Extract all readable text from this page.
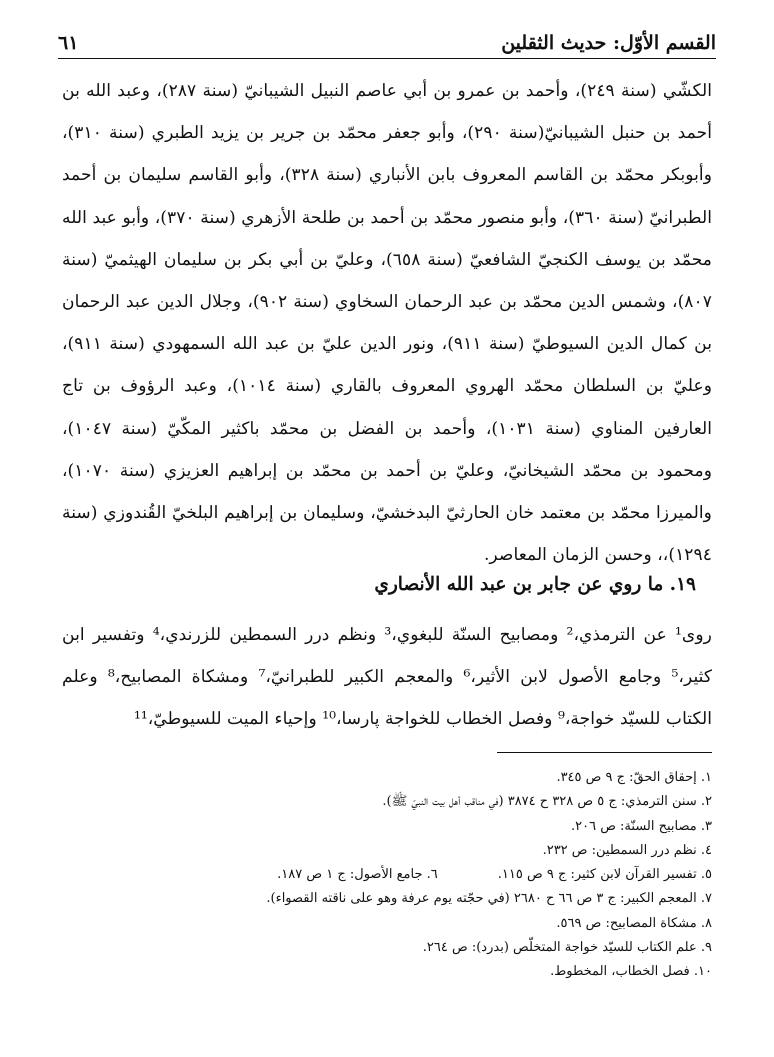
القسم الأوّل: حديث الثقلين
٦١

الكشّي (سنة ٢٤٩)، وأحمد بن عمرو بن أبي عاصم النبيل الشيبانيّ (سنة ٢٨٧)، وعبد الله بن أحمد بن حنبل الشيبانيّ(سنة ٢٩٠)، وأبو جعفر محمّد بن جرير بن يزيد الطبري (سنة ٣١٠)، وأبوبكر محمّد بن القاسم المعروف بابن الأنباري (سنة ٣٢٨)، وأبو القاسم سليمان بن أحمد الطبرانيّ (سنة ٣٦٠)، وأبو منصور محمّد بن أحمد بن طلحة الأزهري (سنة ٣٧٠)، وأبو عبد الله محمّد بن يوسف الكنجيّ الشافعيّ (سنة ٦٥٨)، وعليّ بن أبي بكر بن سليمان الهيثميّ (سنة ٨٠٧)، وشمس الدين محمّد بن عبد الرحمان السخاوي (سنة ٩٠٢)، وجلال الدين عبد الرحمان بن كمال الدين السيوطيّ (سنة ٩١١)، ونور الدين عليّ بن عبد الله السمهودي (سنة ٩١١)، وعليّ بن السلطان محمّد الهروي المعروف بالقاري (سنة ١٠١٤)، وعبد الرؤوف بن تاج العارفين المناوي (سنة ١٠٣١)، وأحمد بن الفضل بن محمّد باكثير المكّيّ (سنة ١٠٤٧)، ومحمود بن محمّد الشيخانيّ، وعليّ بن أحمد بن محمّد بن إبراهيم العزيزي (سنة ١٠٧٠)، والميرزا محمّد بن معتمد خان الحارثيّ البدخشيّ، وسليمان بن إبراهيم البلخيّ القُندوزي (سنة ١٢٩٤)،، وحسن الزمان المعاصر.

١٩. ما روي عن جابر بن عبد الله الأنصاري

روى¹ عن الترمذي،² ومصابيح السنّة للبغوي،³ ونظم درر السمطين للزرندي،⁴ وتفسير ابن كثير،⁵ وجامع الأصول لابن الأثير،⁶ والمعجم الكبير للطبرانيّ،⁷ ومشكاة المصابيح،⁸ وعلم الكتاب للسيّد خواجة،⁹ وفصل الخطاب للخواجة پارسا،¹⁰ وإحياء الميت للسيوطيّ،¹¹

١. إحقاق الحقّ: ج ٩ ص ٣٤٥.

٢. سنن الترمذي: ج ٥ ص ٣٢٨ ح ٣٨٧٤ (في مناقب أهل بيت النبيّ ﷺ).

٣. مصابيح السنّة: ص ٢٠٦.

٤. نظم درر السمطين: ص ٢٣٢.

٥. تفسير القرآن لابن كثير: ج ٩ ص ١١٥.

٦. جامع الأصول: ج ١ ص ١٨٧.

٧. المعجم الكبير: ج ٣ ص ٦٦ ح ٢٦٨٠ (في حجّته يوم عرفة وهو على ناقته القصواء).

٨. مشكاة المصابيح: ص ٥٦٩.

٩. علم الكتاب للسيّد خواجة المتخلّص (بدرد): ص ٢٦٤.

١٠. فصل الخطاب، المخطوط.
